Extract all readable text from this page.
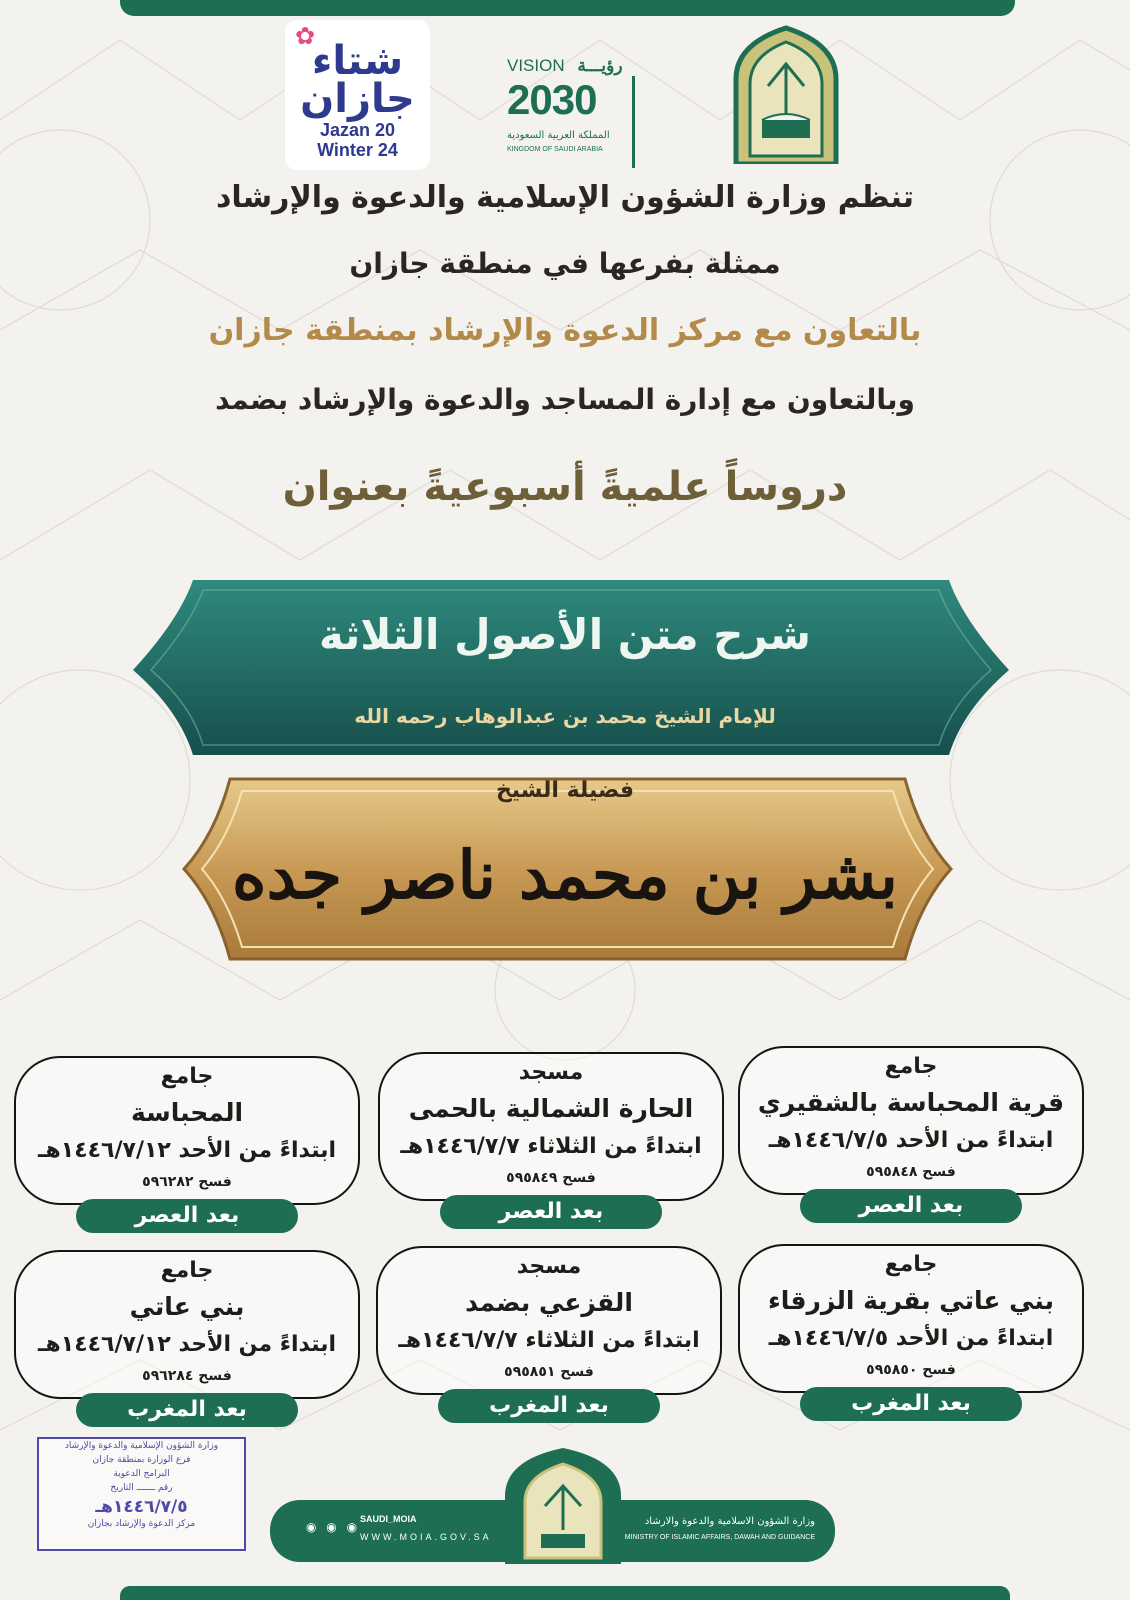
VISION رؤيـــة
2030
المملكة العربية السعودية
KINGDOM OF SAUDI ARABIA
✿
شتاء جازان
Jazan 20
Winter 24
تنظم وزارة الشؤون الإسلامية والدعوة والإرشاد
ممثلة بفرعها في منطقة جازان
بالتعاون مع مركز الدعوة والإرشاد بمنطقة جازان
وبالتعاون مع إدارة المساجد والدعوة والإرشاد بضمد
دروساً علميةً أسبوعيةً بعنوان
شرح متن الأصول الثلاثة
للإمام الشيخ محمد بن عبدالوهاب رحمه الله
فضيلة الشيخ
بشر بن محمد ناصر جده
جامع
قرية المحباسة بالشقيري
ابتداءً من الأحد ١٤٤٦/٧/٥هـ
فسح ٥٩٥٨٤٨
بعد العصر
مسجد
الحارة الشمالية بالحمى
ابتداءً من الثلاثاء ١٤٤٦/٧/٧هـ
فسح ٥٩٥٨٤٩
بعد العصر
جامع
المحباسة
ابتداءً من الأحد ١٤٤٦/٧/١٢هـ
فسح ٥٩٦٢٨٢
بعد العصر
جامع
بني عاتي بقرية الزرقاء
ابتداءً من الأحد ١٤٤٦/٧/٥هـ
فسح ٥٩٥٨٥٠
بعد المغرب
مسجد
القزعي بضمد
ابتداءً من الثلاثاء ١٤٤٦/٧/٧هـ
فسح ٥٩٥٨٥١
بعد المغرب
جامع
بني عاتي
ابتداءً من الأحد ١٤٤٦/٧/١٢هـ
فسح ٥٩٦٢٨٤
بعد المغرب
وزارة الشؤون الإسلامية والدعوة والإرشاد
فرع الوزارة بمنطقة جازان
البرامج الدعوية
رقم ـــــــ التاريخ
١٤٤٦/٧/٥هـ
مركز الدعوة والإرشاد بجازان	وزارة الشؤون الاسلامية والدعوة والارشاد
MINISTRY OF ISLAMIC AFFAIRS, DAWAH AND GUIDANCE
SAUDI_MOIA
WWW.MOIA.GOV.SA
◉ ◉ ◉
